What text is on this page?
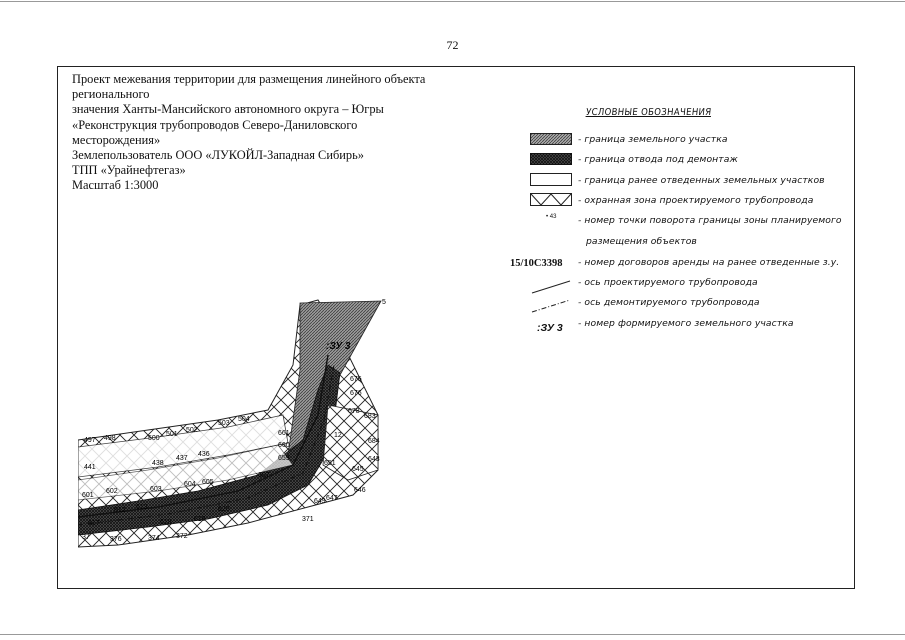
72
Проект межевания территории для размещения линейного объекта
регионального
значения Ханты-Мансийского автономного округа – Югры
«Реконструкция трубопроводов Северо-Даниловского
месторождения»
Землепользователь ООО «ЛУКОЙЛ-Западная Сибирь»
ТПП «Урайнефтегаз»
Масштаб 1:3000
УСЛОВНЫЕ ОБОЗНАЧЕНИЯ
• 43
15/10С3398
:ЗУ 3
- граница земельного участка
- граница отвода под демонтаж
- граница ранее отведенных земельных участков
- охранная зона проектируемого трубопровода
- номер точки поворота границы зоны планируемого
размещения объектов
- номер договоров аренды на ранее отведенные з.у.
- ось проектируемого трубопровода
- ось демонтируемого трубопровода
- номер формируемого земельного участка
5
675
676
678
683
684
643
645
646
647
649
371
372
374
376
37
497 498	500
501
502
503
504
436
437
438
441
601
602	603
604 605
607
612 613
617	618	619
620
651
659
660
661	12
:ЗУ 3
